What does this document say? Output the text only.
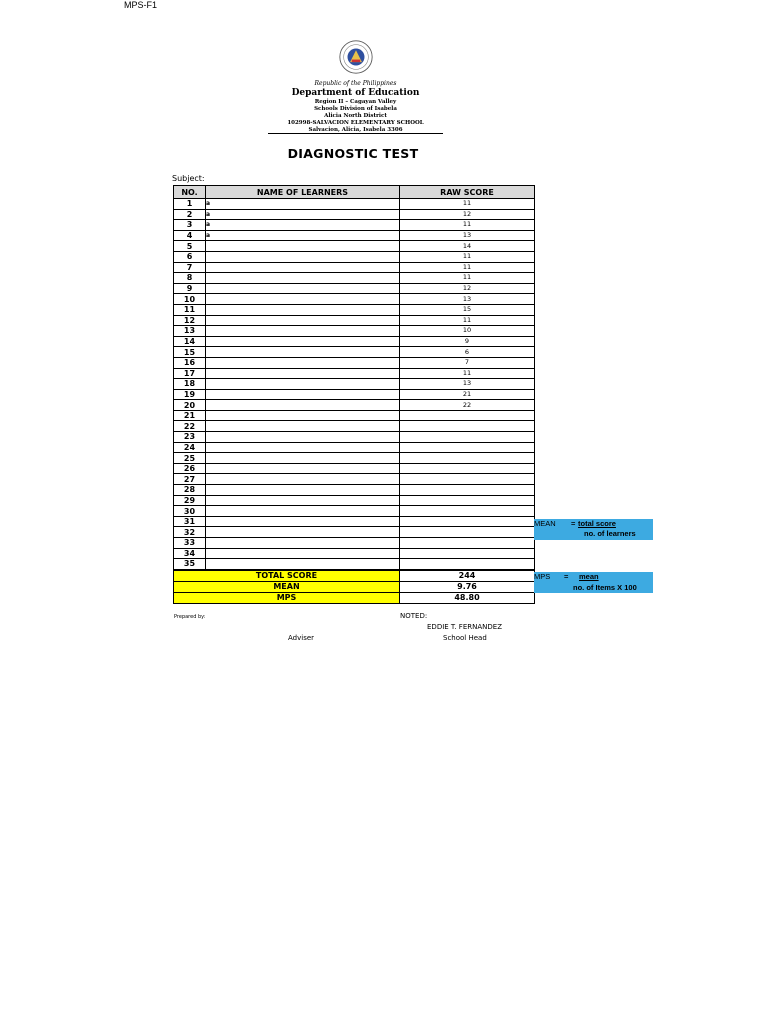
MPS-F1
Republic of the Philippines
Department of Education
Region II – Cagayan Valley
Schools Division of Isabela
Alicia North District
102998-SALVACION ELEMENTARY SCHOOL
Salvacion, Alicia, Isabela 3306
DIAGNOSTIC TEST
Subject:
NO.	NAME OF LEARNERS	RAW SCORE
1	a	11
2	a	12
3	a	11
4	a	13
5		14
6		11
7		11
8		11
9		12
10		13
11		15
12		11
13		10
14		9
15		6
16		7
17		11
18		13
19		21
20		22
21		
22		
23		
24		
25		
26		
27		
28		
29		
30		
31		
32		
33		
34		
35		
TOTAL SCORE		244
MEAN		9.76
MPS		48.80
MEAN = total score
no. of learners
MPS = mean
no. of Items X 100
Prepared by:	NOTED:
EDDIE T. FERNANDEZ
Adviser	School Head
